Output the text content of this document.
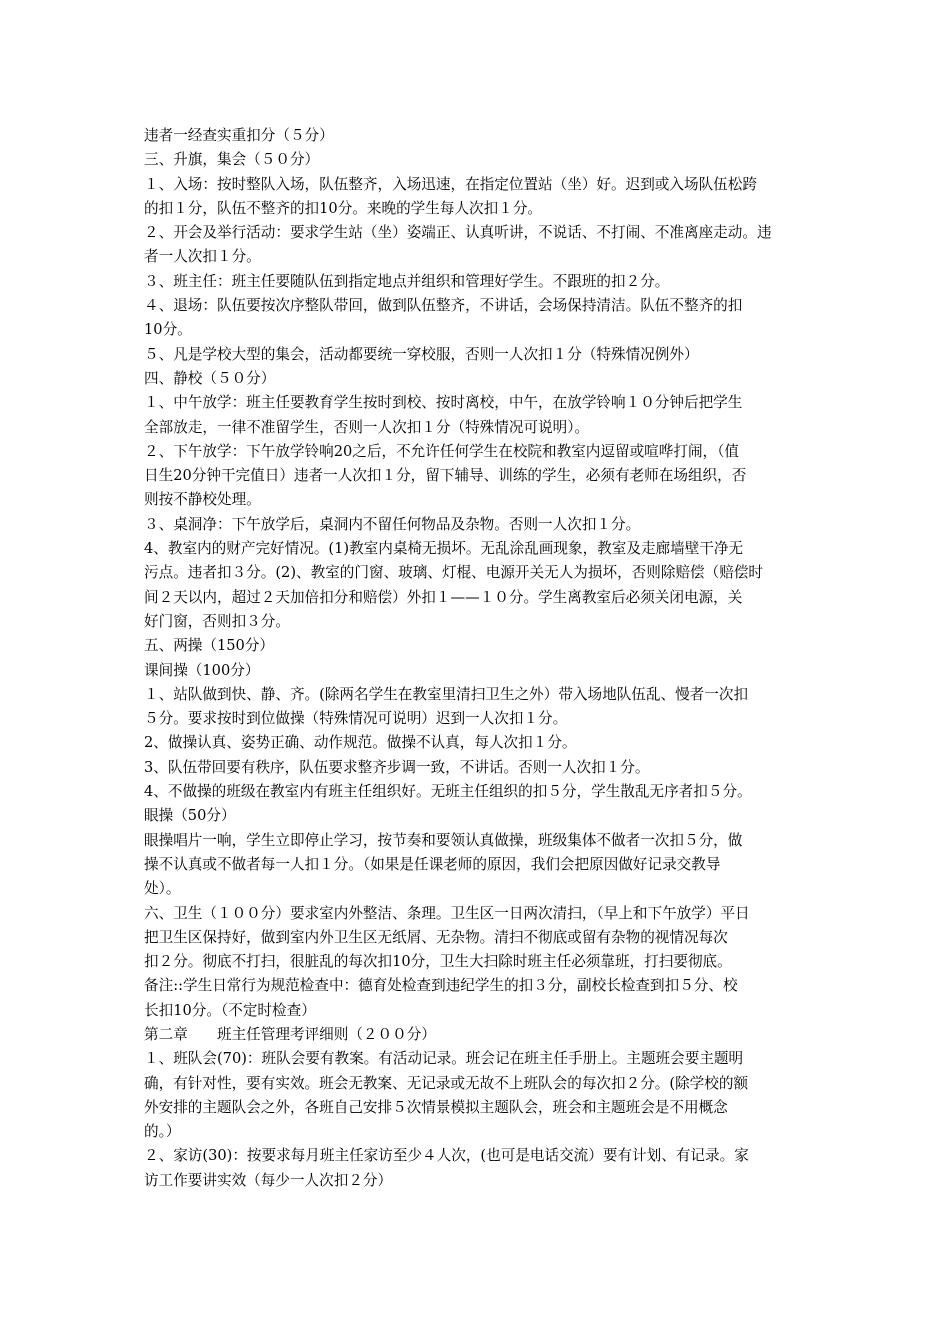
违者一经查实重扣分（５分）
三、升旗，集会（５０分）
１、入场：按时整队入场，队伍整齐，入场迅速，在指定位置站（坐）好。迟到或入场队伍松跨
的扣１分，队伍不整齐的扣10分。来晚的学生每人次扣１分。
２、开会及举行活动：要求学生站（坐）姿端正、认真听讲，不说话、不打闹、不准离座走动。违
者一人次扣１分。
３、班主任：班主任要随队伍到指定地点并组织和管理好学生。不跟班的扣２分。
４、退场：队伍要按次序整队带回，做到队伍整齐，不讲话，会场保持清洁。队伍不整齐的扣
10分。
５、凡是学校大型的集会，活动都要统一穿校服，否则一人次扣１分（特殊情况例外）
四、静校（５０分）
１、中午放学：班主任要教育学生按时到校、按时离校，中午，在放学铃响１０分钟后把学生
全部放走，一律不准留学生，否则一人次扣１分（特殊情况可说明）。
２、下午放学：下午放学铃响20之后，不允许任何学生在校院和教室内逗留或喧哗打闹，（值
日生20分钟干完值日）违者一人次扣１分，留下辅导、训练的学生，必须有老师在场组织，否
则按不静校处理。
３、桌洞净：下午放学后，桌洞内不留任何物品及杂物。否则一人次扣１分。
4、教室内的财产完好情况。(1)教室内桌椅无损坏。无乱涂乱画现象，教室及走廊墙壁干净无
污点。违者扣３分。(2)、教室的门窗、玻璃、灯棍、电源开关无人为损坏，否则除赔偿（赔偿时
间２天以内，超过２天加倍扣分和赔偿）外扣１——１０分。学生离教室后必须关闭电源，关
好门窗，否则扣３分。
五、两操（150分）
课间操（100分）
１、站队做到快、静、齐。(除两名学生在教室里清扫卫生之外）带入场地队伍乱、慢者一次扣
５分。要求按时到位做操（特殊情况可说明）迟到一人次扣１分。
2、做操认真、姿势正确、动作规范。做操不认真，每人次扣１分。
3、队伍带回要有秩序，队伍要求整齐步调一致，不讲话。否则一人次扣１分。
4、不做操的班级在教室内有班主任组织好。无班主任组织的扣５分，学生散乱无序者扣５分。
眼操（50分）
眼操唱片一响，学生立即停止学习，按节奏和要领认真做操，班级集体不做者一次扣５分，做
操不认真或不做者每一人扣１分。（如果是任课老师的原因，我们会把原因做好记录交教导
处）。
六、卫生（１００分）要求室内外整洁、条理。卫生区一日两次清扫，（早上和下午放学）平日
把卫生区保持好，做到室内外卫生区无纸屑、无杂物。清扫不彻底或留有杂物的视情况每次
扣２分。彻底不打扫，很脏乱的每次扣10分，卫生大扫除时班主任必须靠班，打扫要彻底。
备注::学生日常行为规范检查中：德育处检查到违纪学生的扣３分，副校长检查到扣５分、校
长扣10分。（不定时检查）
第二章　　班主任管理考评细则（２００分）
１、班队会(70)：班队会要有教案。有活动记录。班会记在班主任手册上。主题班会要主题明
确，有针对性，要有实效。班会无教案、无记录或无故不上班队会的每次扣２分。(除学校的额
外安排的主题队会之外，各班自己安排５次情景模拟主题队会，班会和主题班会是不用概念
的。）
２、家访(30)：按要求每月班主任家访至少４人次，(也可是电话交流）要有计划、有记录。家
访工作要讲实效（每少一人次扣２分）
